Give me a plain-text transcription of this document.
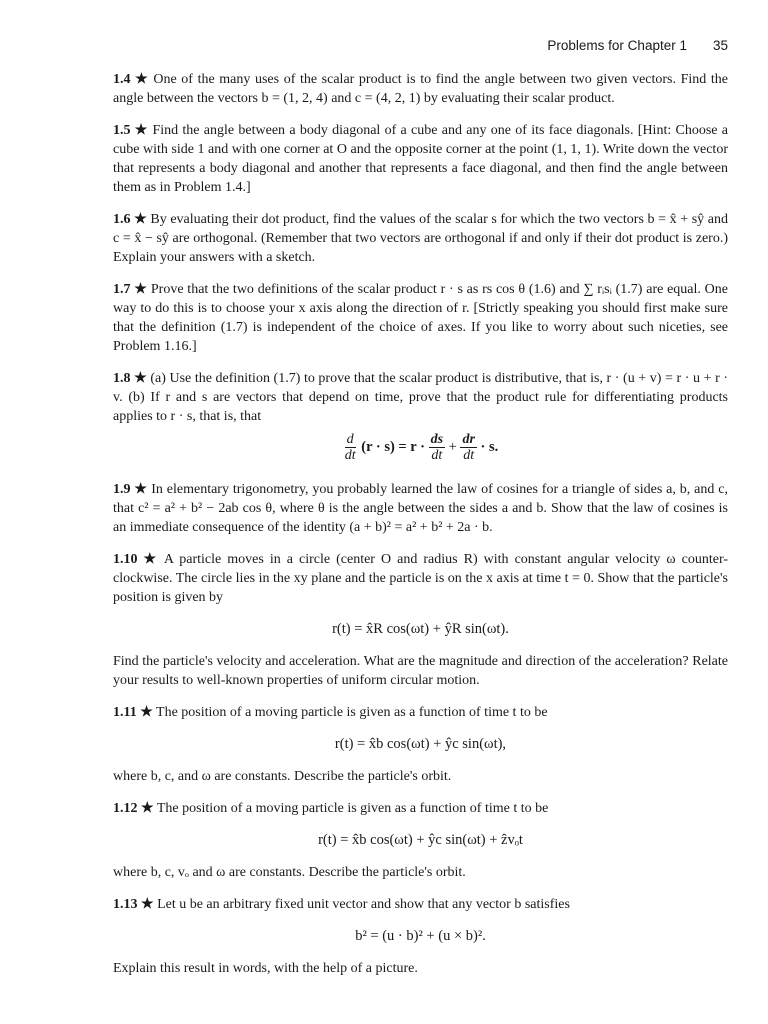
Problems for Chapter 1 35

1.4 ★ One of the many uses of the scalar product is to find the angle between two given vectors. Find the angle between the vectors b = (1, 2, 4) and c = (4, 2, 1) by evaluating their scalar product.

1.5 ★ Find the angle between a body diagonal of a cube and any one of its face diagonals. [Hint: Choose a cube with side 1 and with one corner at O and the opposite corner at the point (1, 1, 1). Write down the vector that represents a body diagonal and another that represents a face diagonal, and then find the angle between them as in Problem 1.4.]

1.6 ★ By evaluating their dot product, find the values of the scalar s for which the two vectors b = x̂ + sŷ and c = x̂ − sŷ are orthogonal. (Remember that two vectors are orthogonal if and only if their dot product is zero.) Explain your answers with a sketch.

1.7 ★ Prove that the two definitions of the scalar product r · s as rs cos θ (1.6) and ∑ rᵢsᵢ (1.7) are equal. One way to do this is to choose your x axis along the direction of r. [Strictly speaking you should first make sure that the definition (1.7) is independent of the choice of axes. If you like to worry about such niceties, see Problem 1.16.]

1.8 ★ (a) Use the definition (1.7) to prove that the scalar product is distributive, that is, r · (u + v) = r · u + r · v. (b) If r and s are vectors that depend on time, prove that the product rule for differentiating products applies to r · s, that is, that

$\frac{d}{dt} (r \cdot s) = r \cdot \frac{ds}{dt} + \frac{dr}{dt} \cdot s$.

1.9 ★ In elementary trigonometry, you probably learned the law of cosines for a triangle of sides a, b, and c, that c² = a² + b² − 2ab cos θ, where θ is the angle between the sides a and b. Show that the law of cosines is an immediate consequence of the identity (a + b)² = a² + b² + 2a · b.

1.10 ★ A particle moves in a circle (center O and radius R) with constant angular velocity ω counter-clockwise. The circle lies in the xy plane and the particle is on the x axis at time t = 0. Show that the particle's position is given by

r(t) = x̂R cos(ωt) + ŷR sin(ωt).

Find the particle's velocity and acceleration. What are the magnitude and direction of the acceleration? Relate your results to well-known properties of uniform circular motion.

1.11 ★ The position of a moving particle is given as a function of time t to be

r(t) = x̂b cos(ωt) + ŷc sin(ωt),

where b, c, and ω are constants. Describe the particle's orbit.

1.12 ★ The position of a moving particle is given as a function of time t to be

r(t) = x̂b cos(ωt) + ŷc sin(ωt) + ẑvₒt

where b, c, vₒ and ω are constants. Describe the particle's orbit.

1.13 ★ Let u be an arbitrary fixed unit vector and show that any vector b satisfies

b² = (u · b)² + (u × b)².

Explain this result in words, with the help of a picture.
